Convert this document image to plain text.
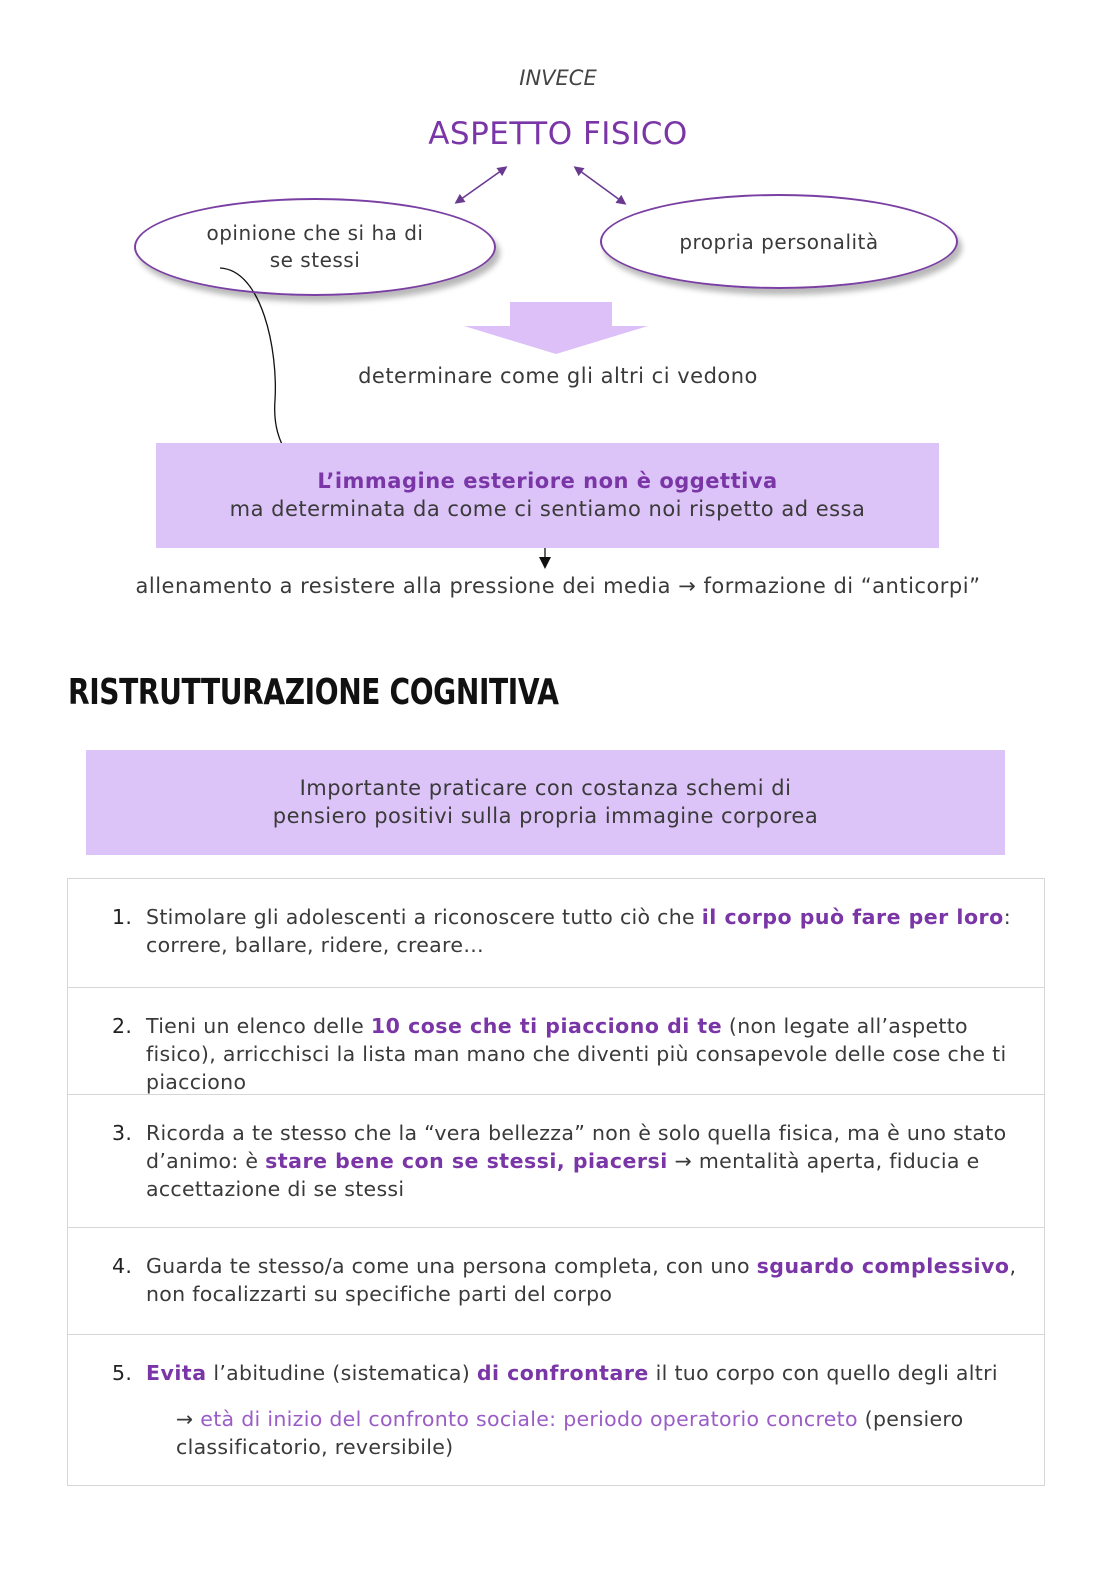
INVECE
ASPETTO FISICO
opinione che si ha di se stessi
propria personalità
determinare come gli altri ci vedono
L’immagine esteriore non è oggettiva
ma determinata da come ci sentiamo noi rispetto ad essa
allenamento a resistere alla pressione dei media → formazione di “anticorpi”
RISTRUTTURAZIONE COGNITIVA
Importante praticare con costanza schemi di pensiero positivi sulla propria immagine corporea
1. Stimolare gli adolescenti a riconoscere tutto ciò che il corpo può fare per loro: correre, ballare, ridere, creare…
2. Tieni un elenco delle 10 cose che ti piacciono di te (non legate all’aspetto fisico), arricchisci la lista man mano che diventi più consapevole delle cose che ti piacciono
3. Ricorda a te stesso che la “vera bellezza” non è solo quella fisica, ma è uno stato d’animo: è stare bene con se stessi, piacersi → mentalità aperta, fiducia e accettazione di se stessi
4. Guarda te stesso/a come una persona completa, con uno sguardo complessivo, non focalizzarti su specifiche parti del corpo
5. Evita l’abitudine (sistematica) di confrontare il tuo corpo con quello degli altri
→ età di inizio del confronto sociale: periodo operatorio concreto (pensiero classificatorio, reversibile)
